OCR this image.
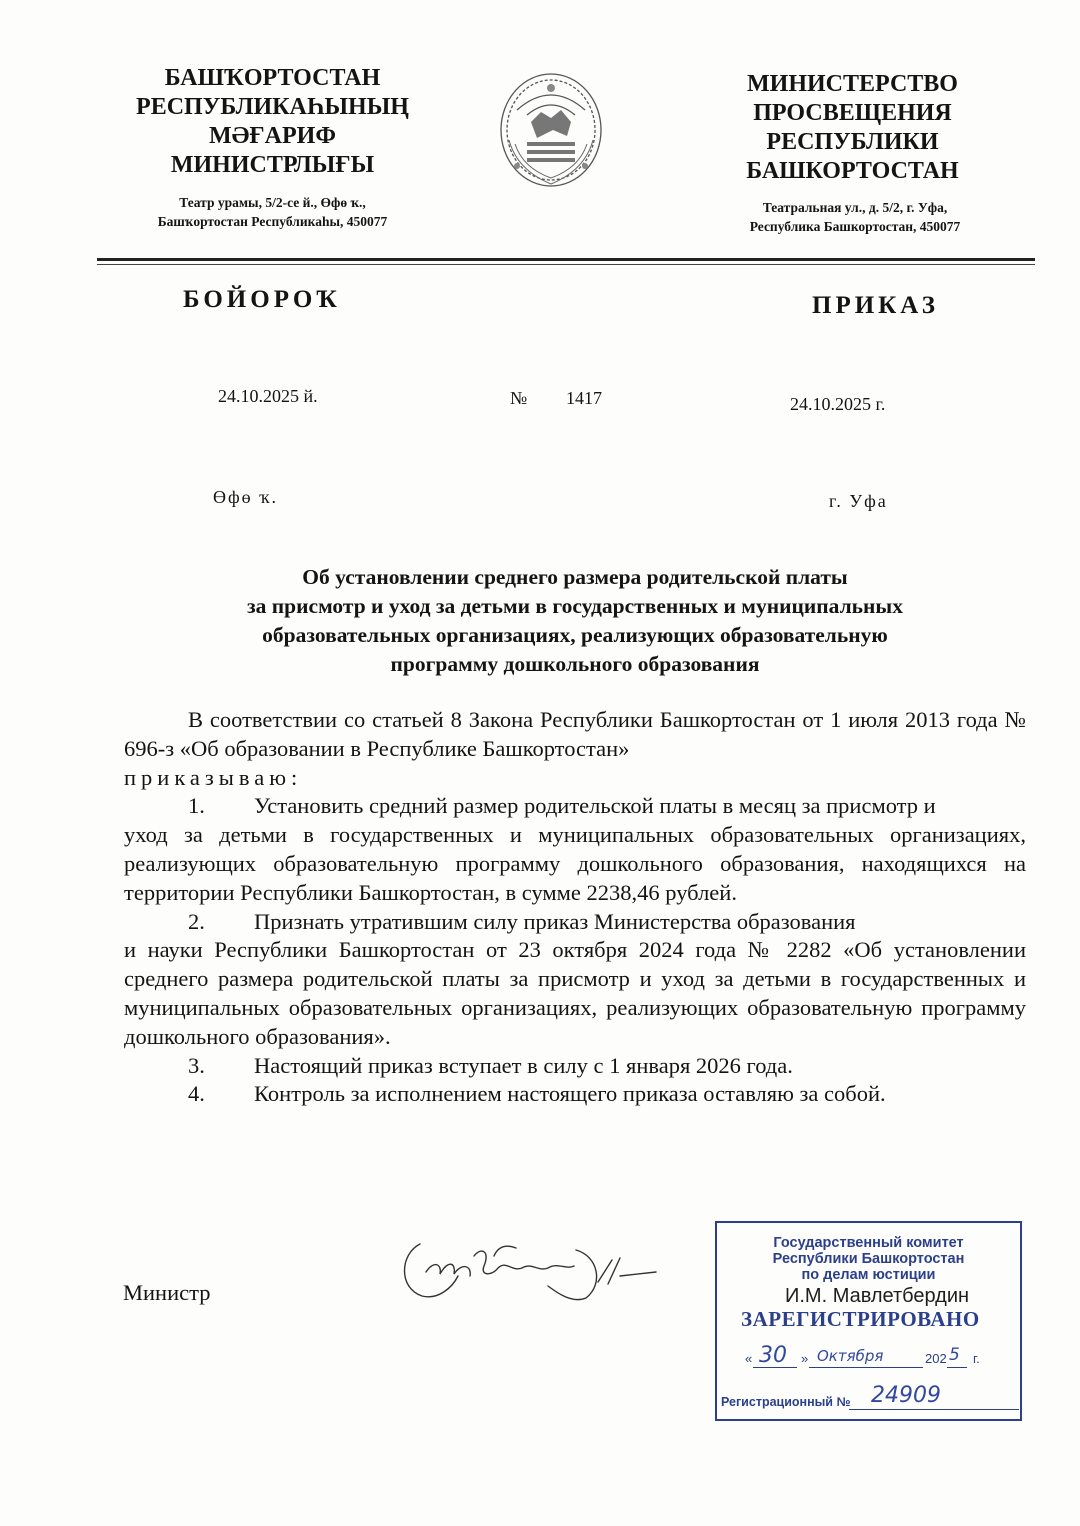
БАШҠОРТОСТАН
РЕСПУБЛИКАҺЫНЫҢ
МӘҒАРИФ
МИНИСТРЛЫҒЫ
Театр урамы, 5/2-се й., Өфө ҡ.,
Башҡортостан Республикаһы, 450077
МИНИСТЕРСТВО
ПРОСВЕЩЕНИЯ
РЕСПУБЛИКИ
БАШКОРТОСТАН
Театральная ул., д. 5/2, г. Уфа,
Республика Башкортостан, 450077
БОЙОРОҠ	ПРИКАЗ
24.10.2025 й.	№ 1417	24.10.2025 г.
Өфө ҡ.	г. Уфа
Об установлении среднего размера родительской платы
за присмотр и уход за детьми в государственных и муниципальных
образовательных организациях, реализующих образовательную
программу дошкольного образования

В соответствии со статьей 8 Закона Республики Башкортостан от 1 июля 2013 года № 696-з «Об образовании в Республике Башкортостан»

приказываю:

1.	Установить средний размер родительской платы в месяц за присмотр и

уход за детьми в государственных и муниципальных образовательных организациях, реализующих образовательную программу дошкольного образования, находящихся на территории Республики Башкортостан, в сумме 2238,46 рублей.

2.	Признать утратившим силу приказ Министерства образования

и науки Республики Башкортостан от 23 октября 2024 года № 2282 «Об установлении среднего размера родительской платы за присмотр и уход за детьми в государственных и муниципальных образовательных организациях, реализующих образовательную программу дошкольного образования».

3.	Настоящий приказ вступает в силу с 1 января 2026 года.
4.	Контроль за исполнением настоящего приказа оставляю за собой.
Министр
Государственный комитет
Республики Башкортостан
по делам юстиции
И.М. Мавлетбердин
ЗАРЕГИСТРИРОВАНО
« 30 » Октября	202 5 г.
Регистрационный № 24909
